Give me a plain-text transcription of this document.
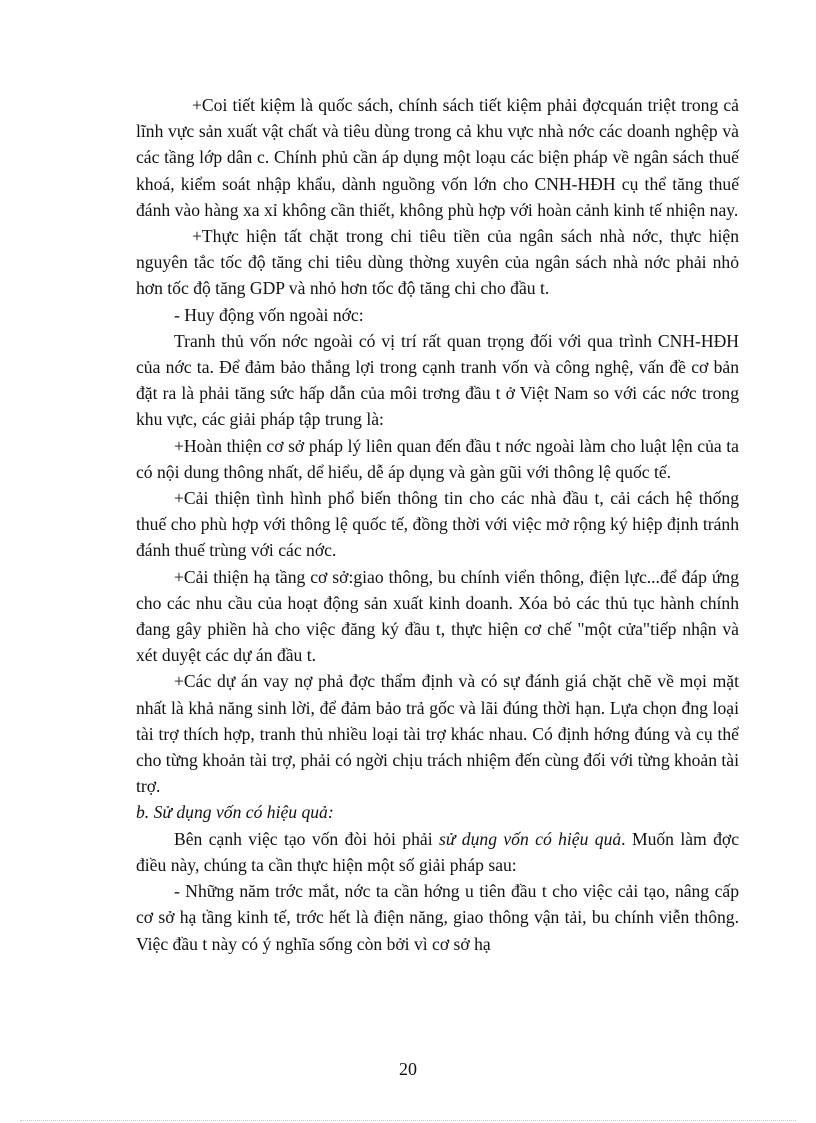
+Coi tiết kiệm là quốc sách, chính sách tiết kiệm phải đợcquán triệt trong cả lĩnh vực sản xuất vật chất và tiêu dùng trong cả khu vực nhà nớc các doanh nghệp và các tầng lớp dân c. Chính phủ cần áp dụng một loạu các biện pháp về ngân sách thuế khoá, kiểm soát nhập khẩu, dành nguồng vốn lớn cho CNH-HĐH cụ thể tăng thuế đánh vào hàng xa xỉ không cần thiết, không phù hợp với hoàn cảnh kinh tế nhiện nay.

+Thực hiện tất chặt trong chi tiêu tiền của ngân sách nhà nớc, thực hiện nguyên tắc tốc độ tăng chi tiêu dùng thờng xuyên của ngân sách nhà nớc phải nhỏ hơn tốc độ tăng GDP và nhỏ hơn tốc độ tăng chi cho đầu t.

- Huy động vốn ngoài nớc:

Tranh thủ vốn nớc ngoài có vị trí rất quan trọng đối với qua trình CNH-HĐH của nớc ta. Để đảm bảo thắng lợi trong cạnh tranh vốn và công nghệ, vấn đề cơ bản đặt ra là phải tăng sức hấp dẫn của môi trơng đầu t ở Việt Nam so với các nớc trong khu vực, các giải pháp tập trung là:

+Hoàn thiện cơ sở pháp lý liên quan đến đầu t nớc ngoài làm cho luật lện của ta có nội dung thông nhất, dể hiểu, dễ áp dụng và gàn gũi với thông lệ quốc tế.

+Cải thiện tình hình phổ biến thông tin cho các nhà đầu t, cải cách hệ thống thuế cho phù hợp với thông lệ quốc tế, đồng thời với việc mở rộng ký hiệp định tránh đánh thuế trùng với các nớc.

+Cải thiện hạ tầng cơ sở:giao thông, bu chính viển thông, điện lực...để đáp ứng cho các nhu cầu của hoạt động sản xuất kinh doanh. Xóa bỏ các thủ tục hành chính đang gây phiền hà cho việc đăng ký đầu t, thực hiện cơ chế "một cửa"tiếp nhận và xét duyệt các dự án đầu t.

+Các dự án vay nợ phả đợc thẩm định và có sự đánh giá chặt chẽ về mọi mặt nhất là khả năng sinh lời, để đảm bảo trả gốc và lãi đúng thời hạn. Lựa chọn đng loại tài trợ thích hợp, tranh thủ nhiều loại tài trợ khác nhau. Có định hớng đúng và cụ thể cho từng khoản tài trợ, phải có ngời chịu trách nhiệm đến cùng đối với từng khoản tài trợ.

b. Sử dụng vốn có hiệu quả:

Bên cạnh việc tạo vốn đòi hỏi phải sử dụng vốn có hiệu quả. Muốn làm đợc điều này, chúng ta cần thực hiện một số giải pháp sau:

- Những năm trớc mắt, nớc ta cần hớng u tiên đầu t cho việc cải tạo, nâng cấp cơ sở hạ tầng kinh tế, trớc hết là điện năng, giao thông vận tải, bu chính viễn thông. Việc đầu t này có ý nghĩa sống còn bởi vì cơ sở hạ

20
